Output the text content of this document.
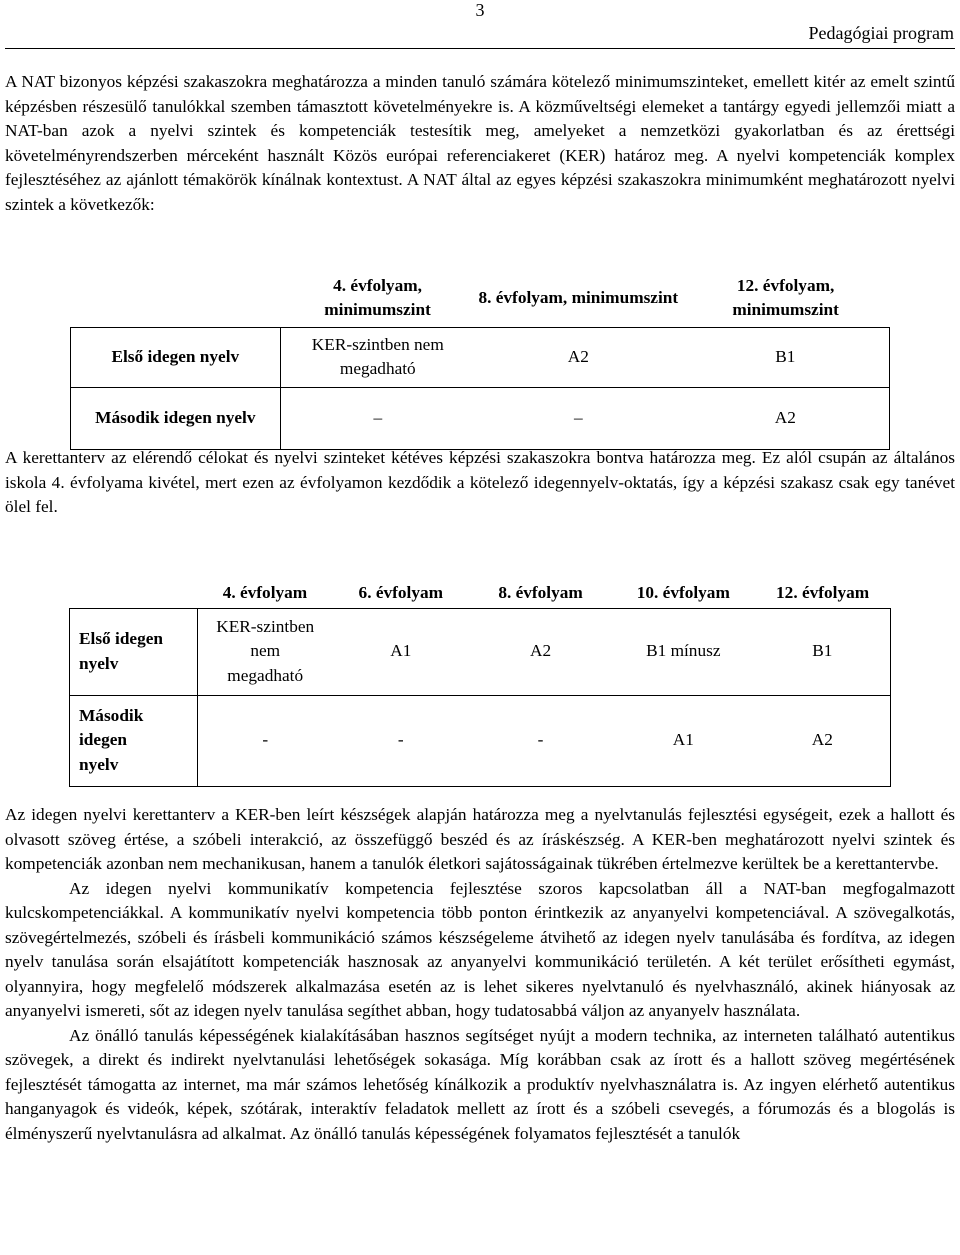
3
Pedagógiai program

A NAT bizonyos képzési szakaszokra meghatározza a minden tanuló számára kötelező minimumszinteket, emellett kitér az emelt szintű képzésben részesülő tanulókkal szemben támasztott követelményekre is. A közműveltségi elemeket a tantárgy egyedi jellemzői miatt a NAT-ban azok a nyelvi szintek és kompetenciák testesítik meg, amelyeket a nemzetközi gyakorlatban és az érettségi követelményrendszerben mérceként használt Közös európai referenciakeret (KER) határoz meg. A nyelvi kompetenciák komplex fejlesztéséhez az ajánlott témakörök kínálnak kontextust. A NAT által az egyes képzési szakaszokra minimumként meghatározott nyelvi szintek a következők:

	4. évfolyam, minimumszint	8. évfolyam, minimumszint	12. évfolyam, minimumszint
Első idegen nyelv	KER-szintben nem megadható	A2	B1
Második idegen nyelv	–	–	A2

A kerettanterv az elérendő célokat és nyelvi szinteket kétéves képzési szakaszokra bontva határozza meg. Ez alól csupán az általános iskola 4. évfolyama kivétel, mert ezen az évfolyamon kezdődik a kötelező idegennyelv-oktatás, így a képzési szakasz csak egy tanévet ölel fel.

	4. évfolyam	6. évfolyam	8. évfolyam	10. évfolyam	12. évfolyam
Első idegen nyelv	KER-szintben nem megadható	A1	A2	B1 mínusz	B1
Második idegen nyelv	-	-	-	A1	A2

Az idegen nyelvi kerettanterv a KER-ben leírt készségek alapján határozza meg a nyelvtanulás fejlesztési egységeit, ezek a hallott és olvasott szöveg értése, a szóbeli interakció, az összefüggő beszéd és az íráskészség. A KER-ben meghatározott nyelvi szintek és kompetenciák azonban nem mechanikusan, hanem a tanulók életkori sajátosságainak tükrében értelmezve kerültek be a kerettantervbe.

Az idegen nyelvi kommunikatív kompetencia fejlesztése szoros kapcsolatban áll a NAT-ban megfogalmazott kulcskompetenciákkal. A kommunikatív nyelvi kompetencia több ponton érintkezik az anyanyelvi kompetenciával. A szövegalkotás, szövegértelmezés, szóbeli és írásbeli kommunikáció számos készségeleme átvihető az idegen nyelv tanulásába és fordítva, az idegen nyelv tanulása során elsajátított kompetenciák hasznosak az anyanyelvi kommunikáció területén. A két terület erősítheti egymást, olyannyira, hogy megfelelő módszerek alkalmazása esetén az is lehet sikeres nyelvtanuló és nyelvhasználó, akinek hiányosak az anyanyelvi ismereti, sőt az idegen nyelv tanulása segíthet abban, hogy tudatosabbá váljon az anyanyelv használata.

Az önálló tanulás képességének kialakításában hasznos segítséget nyújt a modern technika, az interneten található autentikus szövegek, a direkt és indirekt nyelvtanulási lehetőségek sokasága. Míg korábban csak az írott és a hallott szöveg megértésének fejlesztését támogatta az internet, ma már számos lehetőség kínálkozik a produktív nyelvhasználatra is. Az ingyen elérhető autentikus hanganyagok és videók, képek, szótárak, interaktív feladatok mellett az írott és a szóbeli csevegés, a fórumozás és a blogolás is élményszerű nyelvtanulásra ad alkalmat. Az önálló tanulás képességének folyamatos fejlesztését a tanulók
